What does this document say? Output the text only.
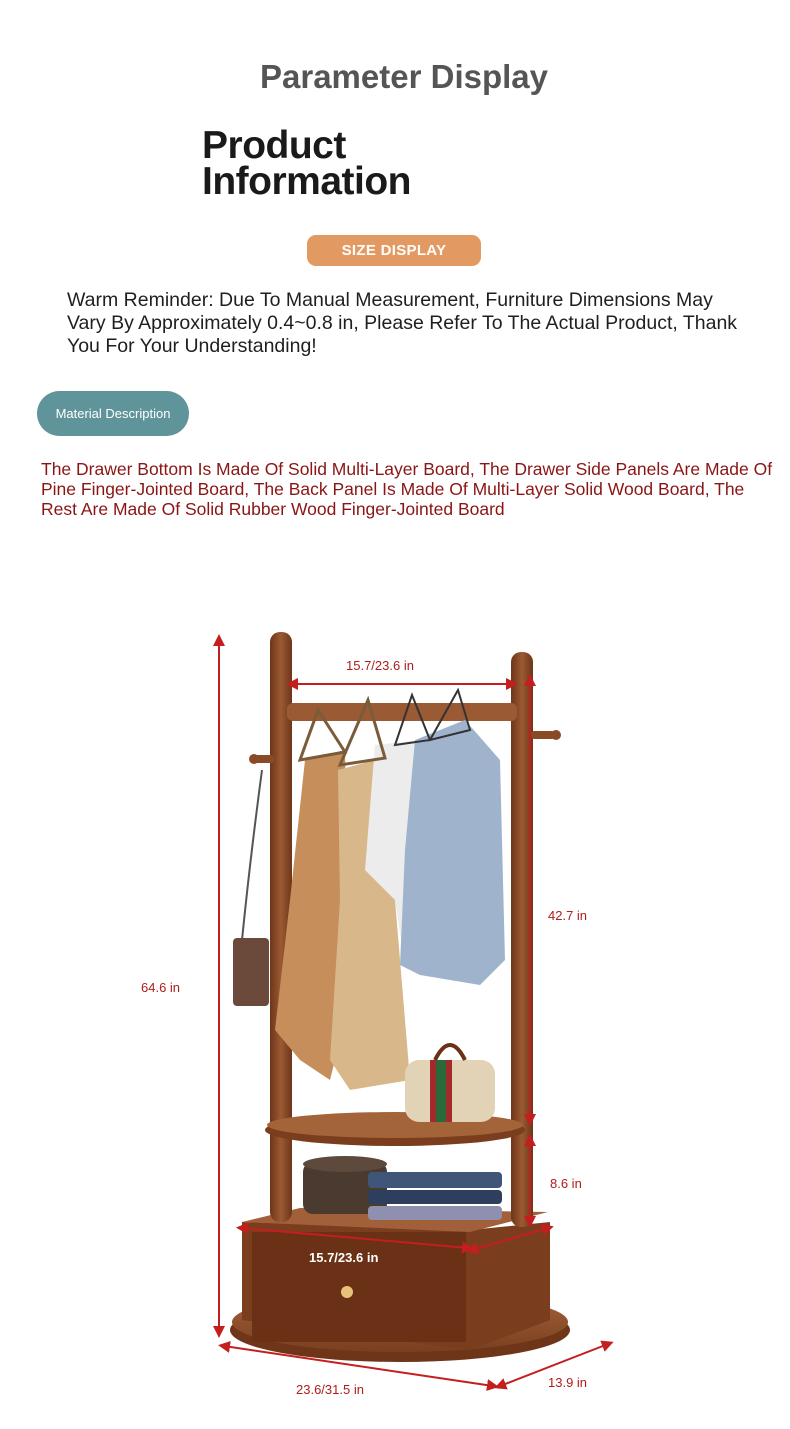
Parameter Display
Product
Information
SIZE DISPLAY
Warm Reminder: Due To Manual Measurement, Furniture Dimensions May Vary By Approximately 0.4~0.8 in, Please Refer To The Actual Product, Thank You For Your Understanding!
Material Description
The Drawer Bottom Is Made Of Solid Multi-Layer Board, The Drawer Side Panels Are Made Of Pine Finger-Jointed Board, The Back Panel Is Made Of Multi-Layer Solid Wood Board, The Rest Are Made Of Solid Rubber Wood Finger-Jointed Board
15.7/23.6 in
42.7 in
64.6 in
8.6 in
15.7/23.6 in
23.6/31.5 in	13.9 in
